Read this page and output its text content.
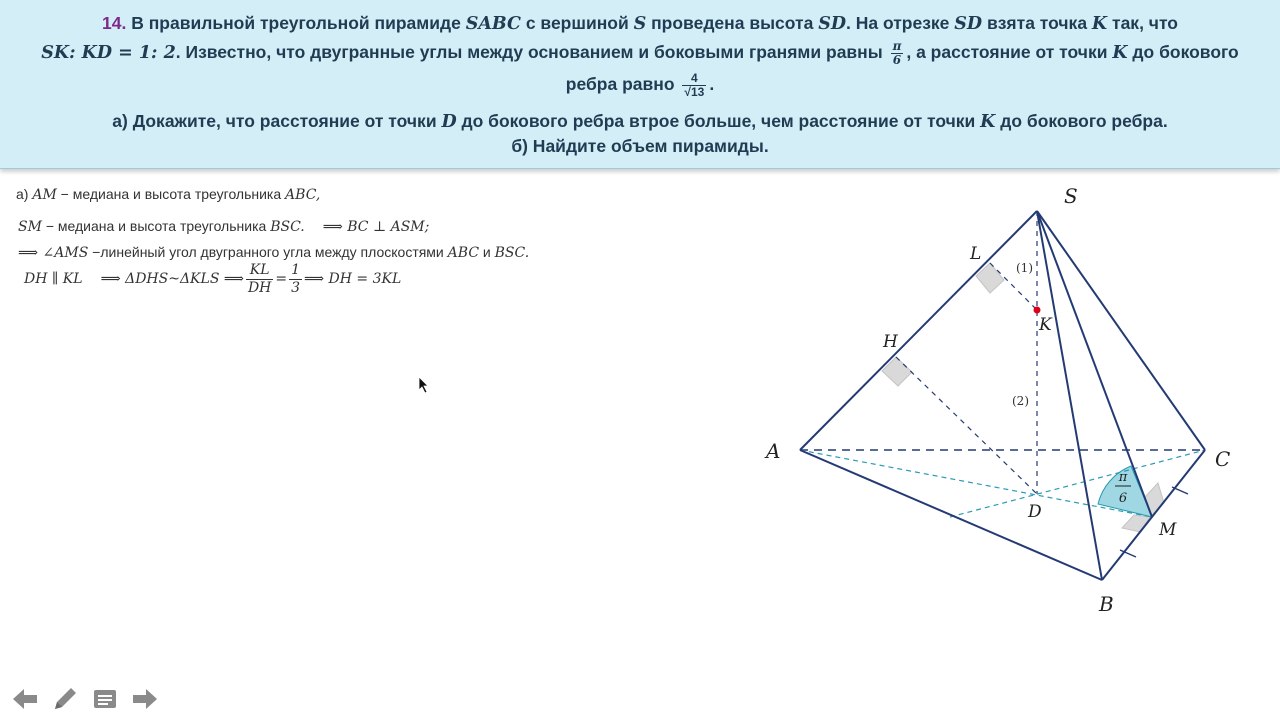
14. В правильной треугольной пирамиде SABC с вершиной S проведена высота SD. На отрезке SD взята точка K так, что

SK: KD = 1: 2. Известно, что двугранные углы между основанием и боковыми гранями равны $\frac{\pi}{6}$ , а расстояние от точки K до бокового

ребра равно $\frac{4}{√13}$ .

а) Докажите, что расстояние от точки D до бокового ребра втрое больше, чем расстояние от точки K до бокового ребра.

б) Найдите объем пирамиды.

а) AM − медиана и высота треугольника ABC,
SM − медиана и высота треугольника BSC. ⟹ BC ⊥ ASM;
⟹ ∠AMS −линейный угол двугранного угла между плоскостями ABC и BSC.
DH ∥ KL ⟹ ΔDHS~ΔKLS ⟹ $\frac{KL}{DH} = \frac{1}{3}$ ⟹ DH = 3KL
S
A
B
C
D
M
H
L
K
(1)
(2)
π
6
